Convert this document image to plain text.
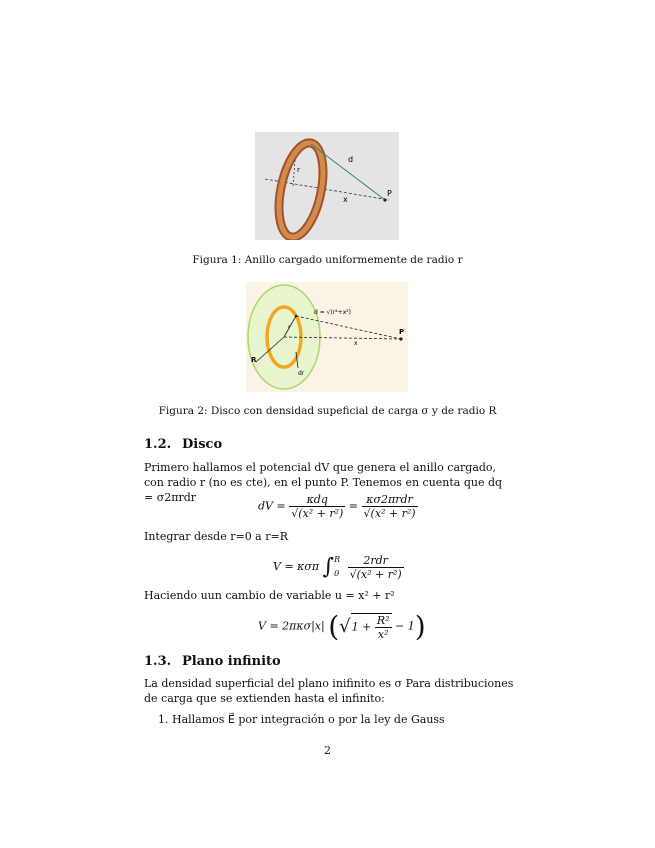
d
P
x
r
Figura 1: Anillo cargado uniformemente de radio r
d = √(r²+x²)
P
x
R
r
dr
Figura 2: Disco con densidad supeficial de carga σ y de radio R
1.2. Disco
Primero hallamos el potencial dV que genera el anillo cargado, con radio r (no es cte), en el punto P. Tenemos en cuenta que dq = σ2πrdr
dV = $\frac{\text{κdq}}{\text{√(x² + r²)}} = \frac{\text{κσ2πrdr}}{\text{√(x² + r²)}}$
Integrar desde r=0 a r=R
V = κσπ ∫ R
0
$\frac{\text{2rdr}}{\text{√(x² + r²)}}$
Haciendo uun cambio de variable u = x² + r²
V = 2πκσ|x| $(√1 + \frac{\text{R²}}{\text{x²}} - 1)$
1.3. Plano infinito
La densidad superficial del plano inifinito es σ Para distribuciones de carga que se extienden hasta el infinito:
1. Hallamos E⃗ por integración o por la ley de Gauss
2
